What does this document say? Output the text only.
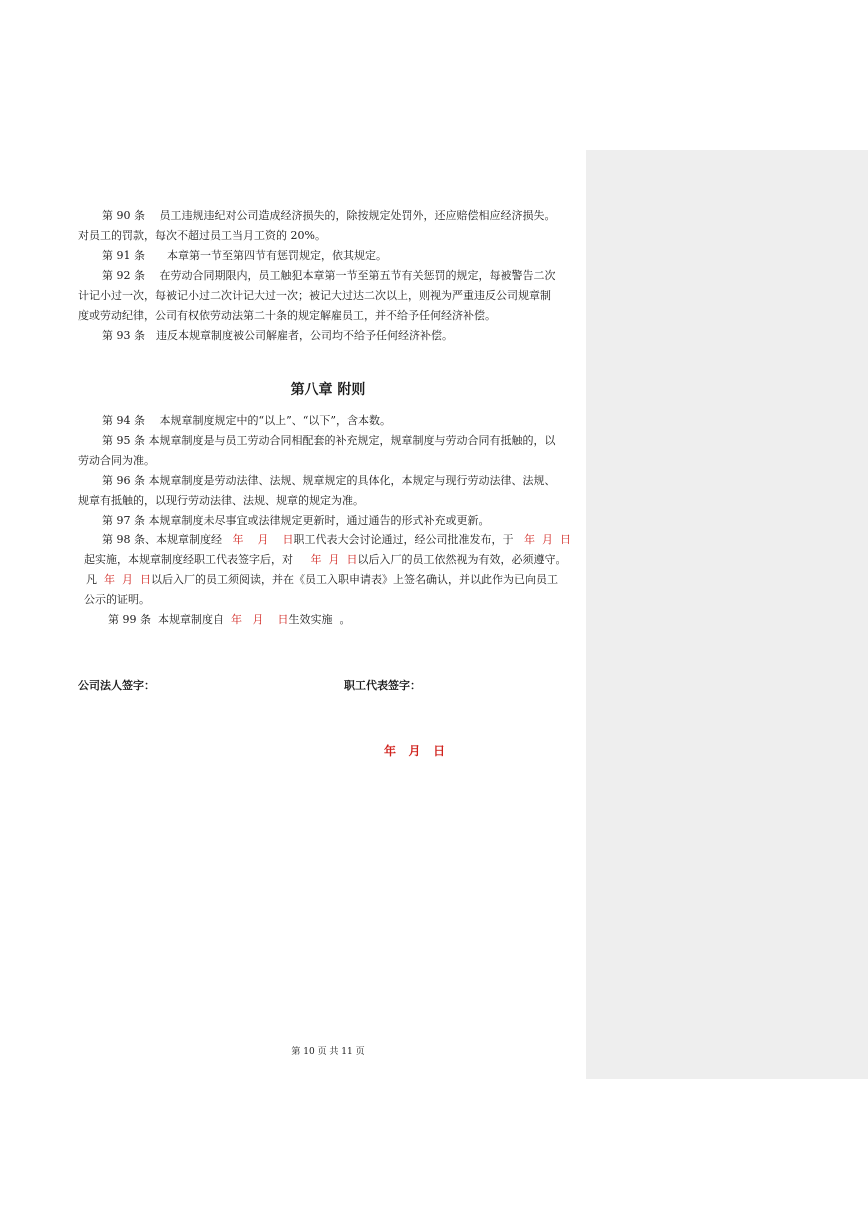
第 90 条　 员工违规违纪对公司造成经济损失的，除按规定处罚外，还应赔偿相应经济损失。
对员工的罚款，每次不超过员工当月工资的 20%。
第 91 条　　本章第一节至第四节有惩罚规定，依其规定。
第 92 条　 在劳动合同期限内，员工触犯本章第一节至第五节有关惩罚的规定，每被警告二次
计记小过一次，每被记小过二次计记大过一次；被记大过达二次以上，则视为严重违反公司规章制
度或劳动纪律，公司有权依劳动法第二十条的规定解雇员工，并不给予任何经济补偿。
第 93 条　违反本规章制度被公司解雇者，公司均不给予任何经济补偿。
第八章 附则
第 94 条　 本规章制度规定中的“以上”、“以下”，含本数。
第 95 条 本规章制度是与员工劳动合同相配套的补充规定，规章制度与劳动合同有抵触的，以
劳动合同为准。
第 96 条 本规章制度是劳动法律、法规、规章规定的具体化，本规定与现行劳动法律、法规、
规章有抵触的，以现行劳动法律、法规、规章的规定为准。
第 97 条 本规章制度未尽事宜或法律规定更新时，通过通告的形式补充或更新。
第 98 条、本规章制度经   年    月    日职工代表大会讨论通过，经公司批准发布，于   年  月  日
起实施，本规章制度经职工代表签字后，对     年  月  日以后入厂的员工依然视为有效，必须遵守。
凡  年  月  日以后入厂的员工须阅读，并在《员工入职申请表》上签名确认，并以此作为已向员工
公示的证明。
第 99 条  本规章制度自  年   月    日生效实施  。
公司法人签字：	职工代表签字：
年   月   日
第 10 页 共 11 页
